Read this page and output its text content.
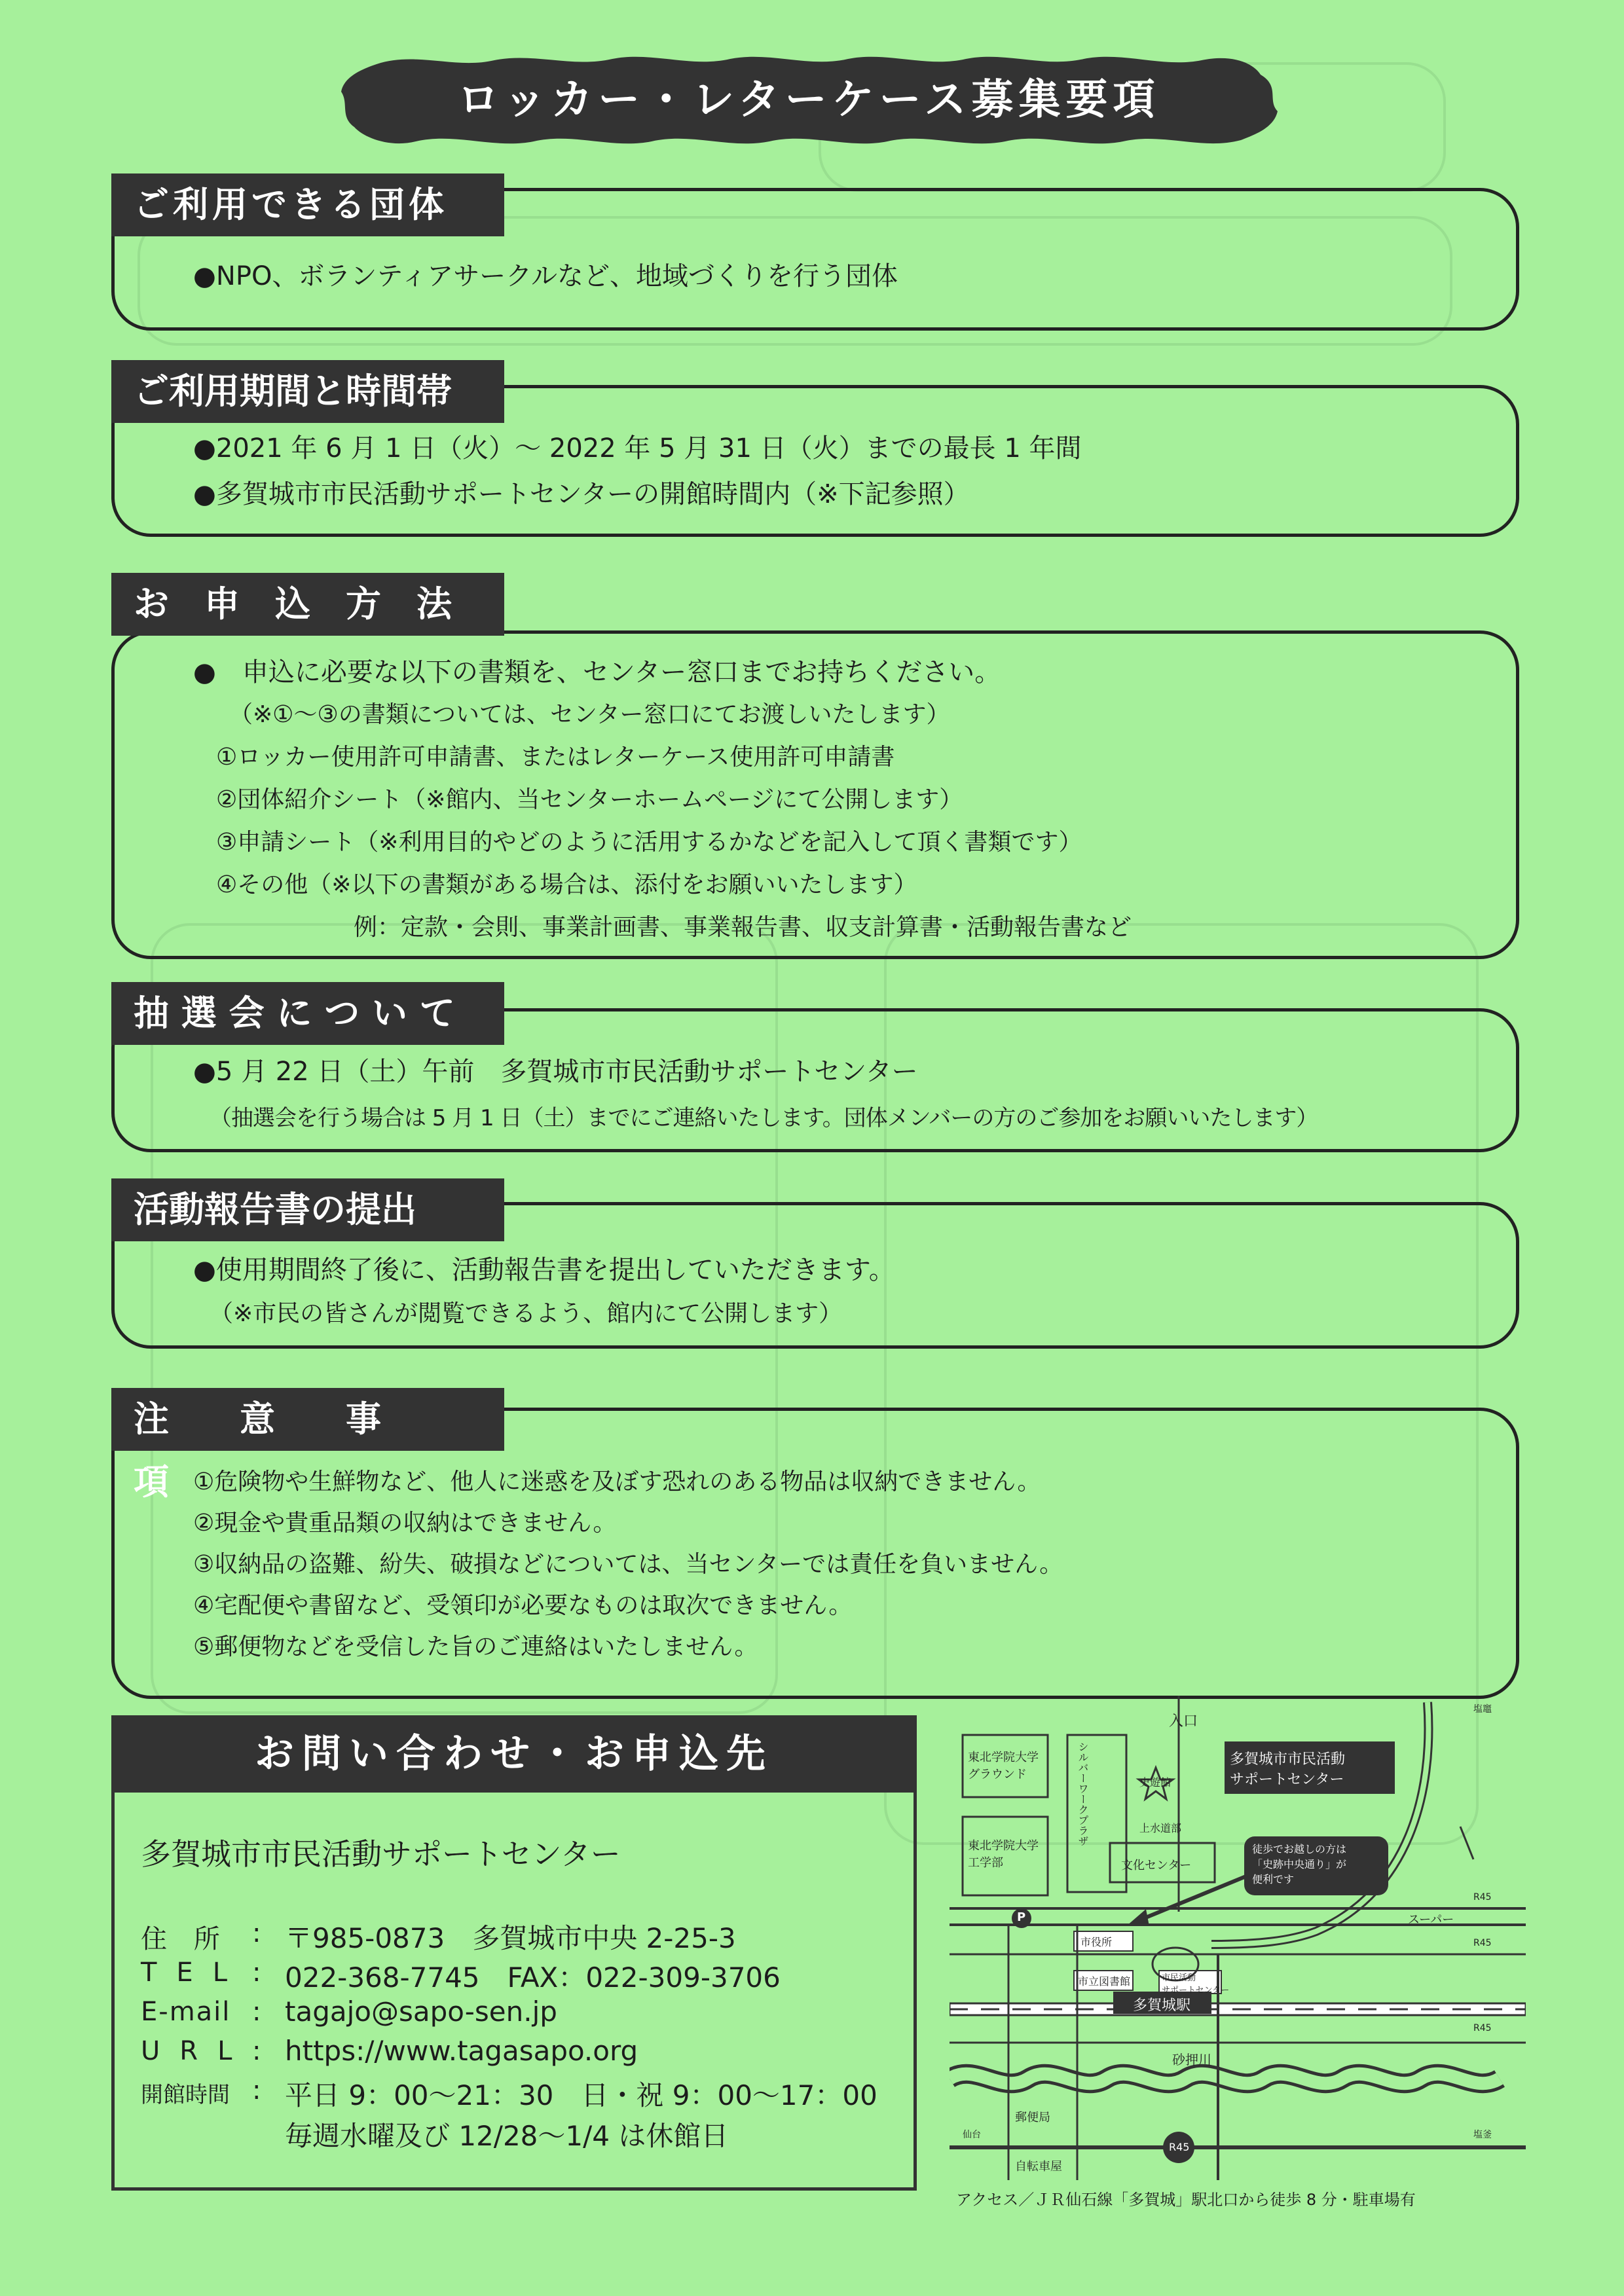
ロッカー・レターケース募集要項
ご利用できる団体
●NPO、ボランティアサークルなど、地域づくりを行う団体
ご利用期間と時間帯
●2021 年 6 月 1 日（火）～ 2022 年 5 月 31 日（火）までの最長 1 年間
●多賀城市市民活動サポートセンターの開館時間内（※下記参照）
お　申　込　方　法
●　申込に必要な以下の書類を、センター窓口までお持ちください。
（※①～③の書類については、センター窓口にてお渡しいたします）
①ロッカー使用許可申請書、またはレターケース使用許可申請書
②団体紹介シート（※館内、当センターホームページにて公開します）
③申請シート（※利用目的やどのように活用するかなどを記入して頂く書類です）
④その他（※以下の書類がある場合は、添付をお願いいたします）
例：定款・会則、事業計画書、事業報告書、収支計算書・活動報告書など
抽 選 会 に つ い て
●5 月 22 日（土）午前　多賀城市市民活動サポートセンター
（抽選会を行う場合は 5 月 1 日（土）までにご連絡いたします。団体メンバーの方のご参加をお願いいたします）
活動報告書の提出
●使用期間終了後に、活動報告書を提出していただきます。
（※市民の皆さんが閲覧できるよう、館内にて公開します）
注　　意　　事　　項	①危険物や生鮮物など、他人に迷惑を及ぼす恐れのある物品は収納できません。
②現金や貴重品類の収納はできません。
③収納品の盗難、紛失、破損などについては、当センターでは責任を負いません。
④宅配便や書留など、受領印が必要なものは取次できません。
⑤郵便物などを受信した旨のご連絡はいたしません。
お問い合わせ・お申込先
多賀城市市民活動サポートセンター
住 所 : 〒985-0873　多賀城市中央 2-25-3
TEL : 022-368-7745　FAX：022-309-3706
E-mail : tagajo@sapo-sen.jp
URL : https://www.tagasapo.org
開館時間 : 平日 9：00～21：30　日・祝 9：00～17：00
毎週水曜及び 12/28～1/4 は休館日
東北学院大学
グラウンド
東北学院大学
工学部
入口
多賀城市市民活動
サポートセンター
史遊館
上水道部
文化センター
徒歩でお越しの方は
「史跡中央通り」が
便利です
市役所
スーパー
市立図書館	市民活動
サポートセンター
多賀城駅
砂押川
郵便局
自転車屋
R45
R45
R45
R45
仙台	塩釜
塩竈
シルバーワークプラザ
P
アクセス／ＪＲ仙石線「多賀城」駅北口から徒歩 8 分・駐車場有
